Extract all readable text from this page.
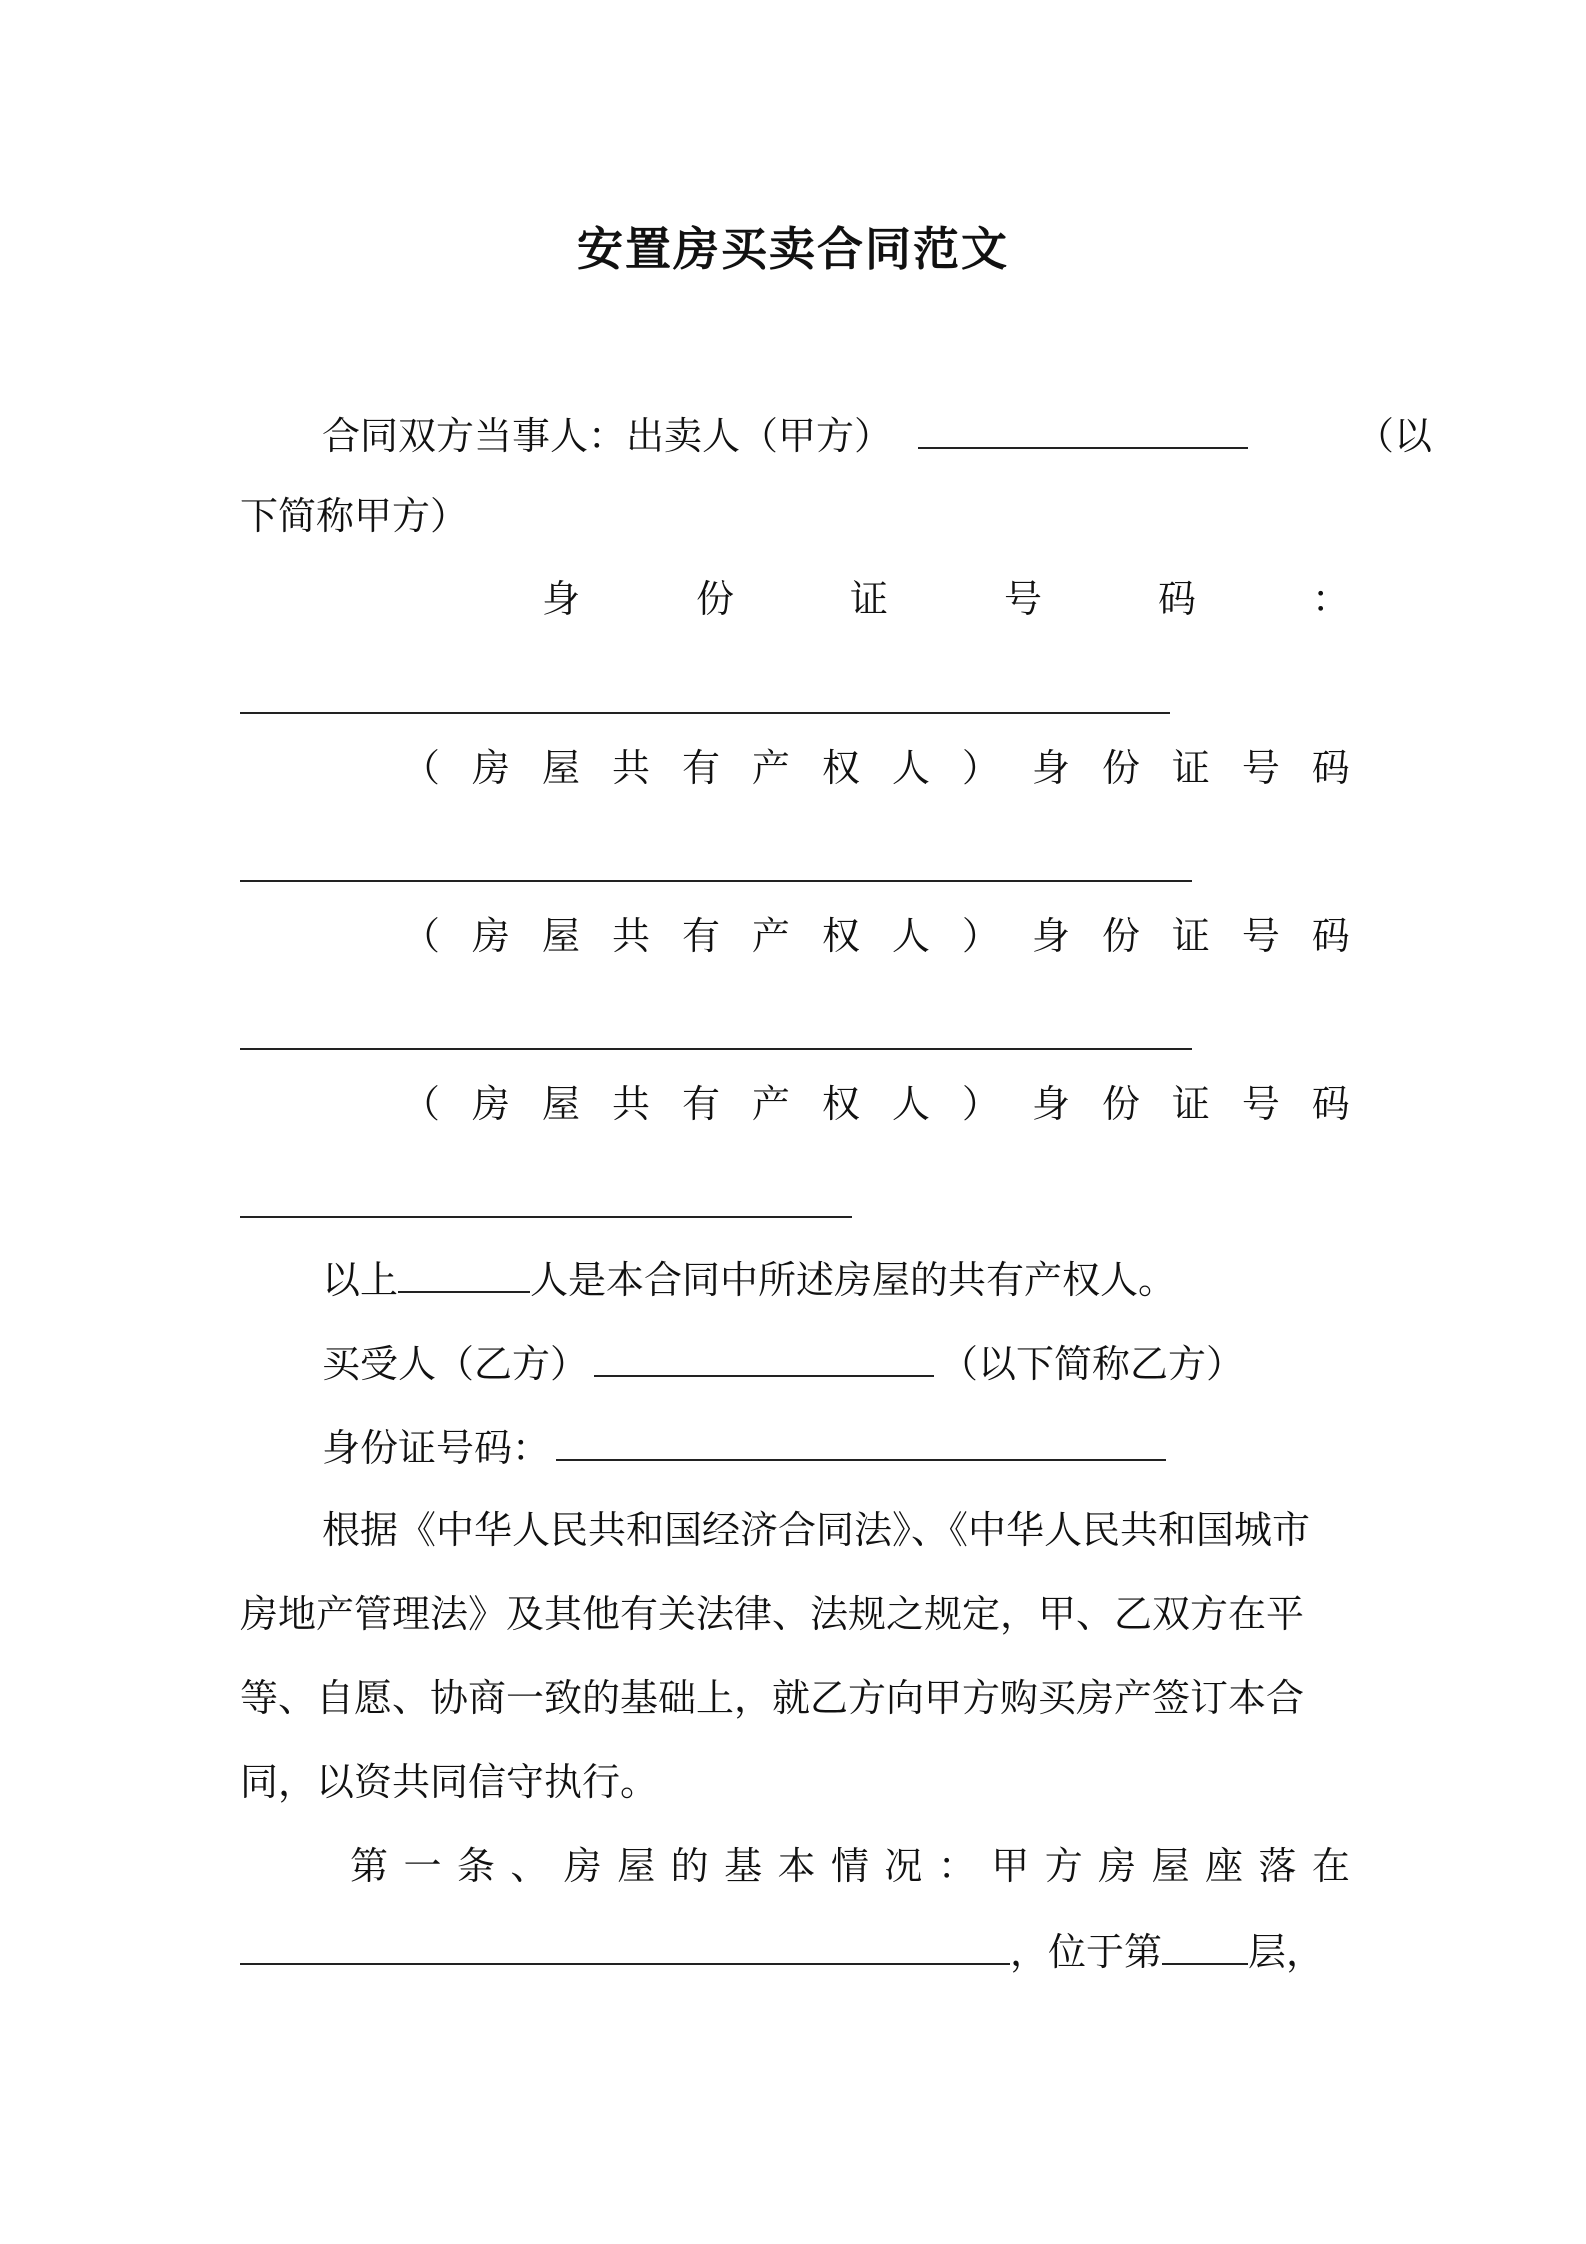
安置房买卖合同范文
合同双方当事人：出卖人（甲方）	（以
下简称甲方）
身	份	证	号	码	：
（ 房 屋 共 有 产 权 人 ） 身 份 证 号 码
（ 房 屋 共 有 产 权 人 ） 身 份 证 号 码
（ 房 屋 共 有 产 权 人 ） 身 份 证 号 码
以上	人是本合同中所述房屋的共有产权人。
买受人（乙方）	（以下简称乙方）
身份证号码：
根据《中华人民共和国经济合同法》、《中华人民共和国城市
房地产管理法》及其他有关法律、法规之规定，甲、乙双方在平
等、自愿、协商一致的基础上，就乙方向甲方购买房产签订本合
同，以资共同信守执行。
第 一 条 、 房 屋 的 基 本 情 况 ： 甲 方 房 屋 座 落 在
，位于第 层，
